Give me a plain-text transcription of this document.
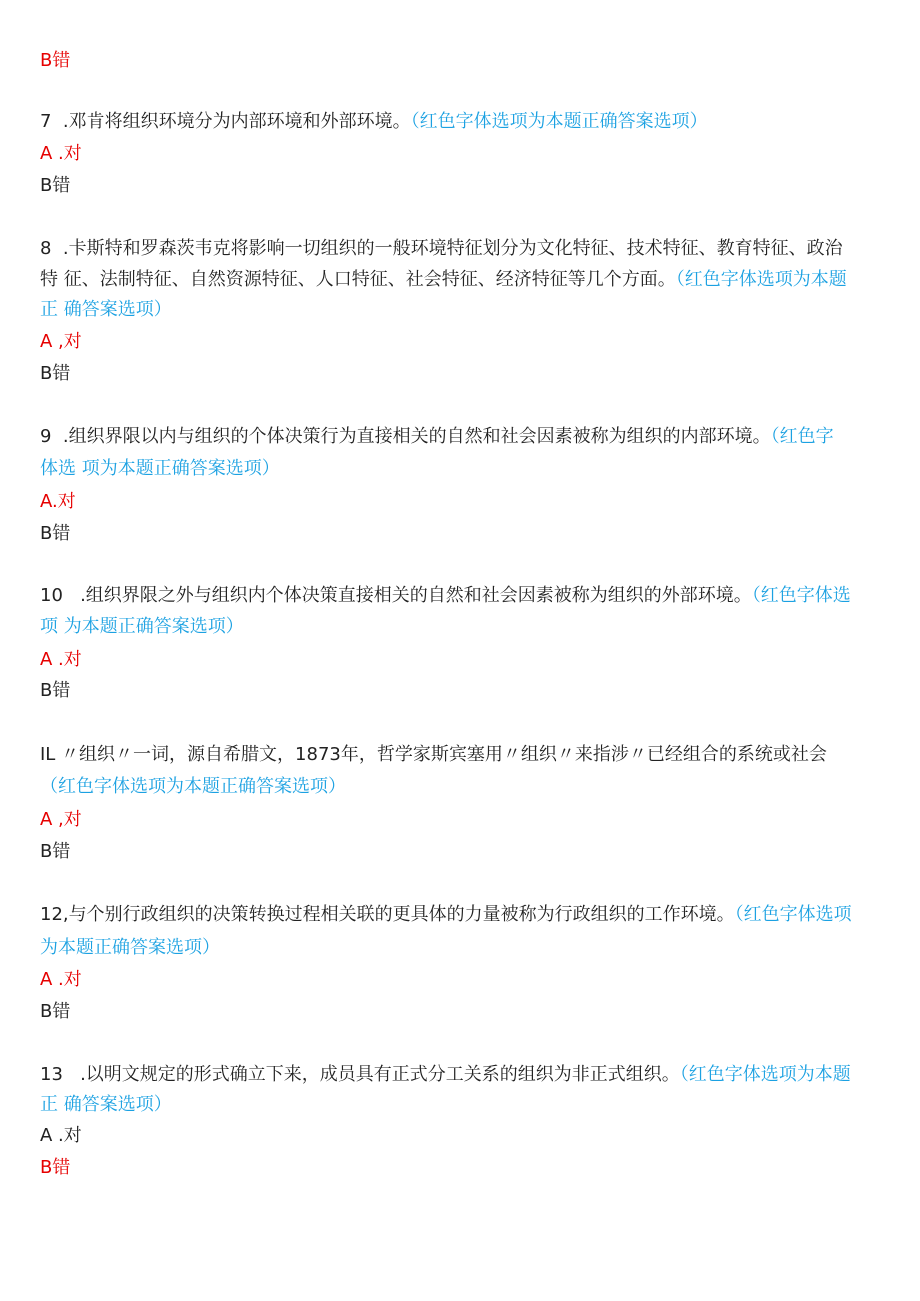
B错
7  .邓肯将组织环境分为内部环境和外部环境。（红色字体选项为本题正确答案选项）
A .对
B错
8  .卡斯特和罗森茨韦克将影响一切组织的一般环境特征划分为文化特征、技术特征、教育特征、政治
特 征、法制特征、自然资源特征、人口特征、社会特征、经济特征等几个方面。（红色字体选项为本题
正 确答案选项）
A ,对
B错
9  .组织界限以内与组织的个体决策行为直接相关的自然和社会因素被称为组织的内部环境。（红色字
体选 项为本题正确答案选项）
A.对
B错
10   .组织界限之外与组织内个体决策直接相关的自然和社会因素被称为组织的外部环境。（红色字体选
项 为本题正确答案选项）
A .对
B错
IL 〃组织〃一词，源自希腊文，1873年，哲学家斯宾塞用〃组织〃来指涉〃已经组合的系统或社会
（红色字体选项为本题正确答案选项）
A ,对
B错
12,与个别行政组织的决策转换过程相关联的更具体的力量被称为行政组织的工作环境。（红色字体选项
为本题正确答案选项）
A .对
B错
13   .以明文规定的形式确立下来，成员具有正式分工关系的组织为非正式组织。（红色字体选项为本题
正 确答案选项）
A .对
B错
